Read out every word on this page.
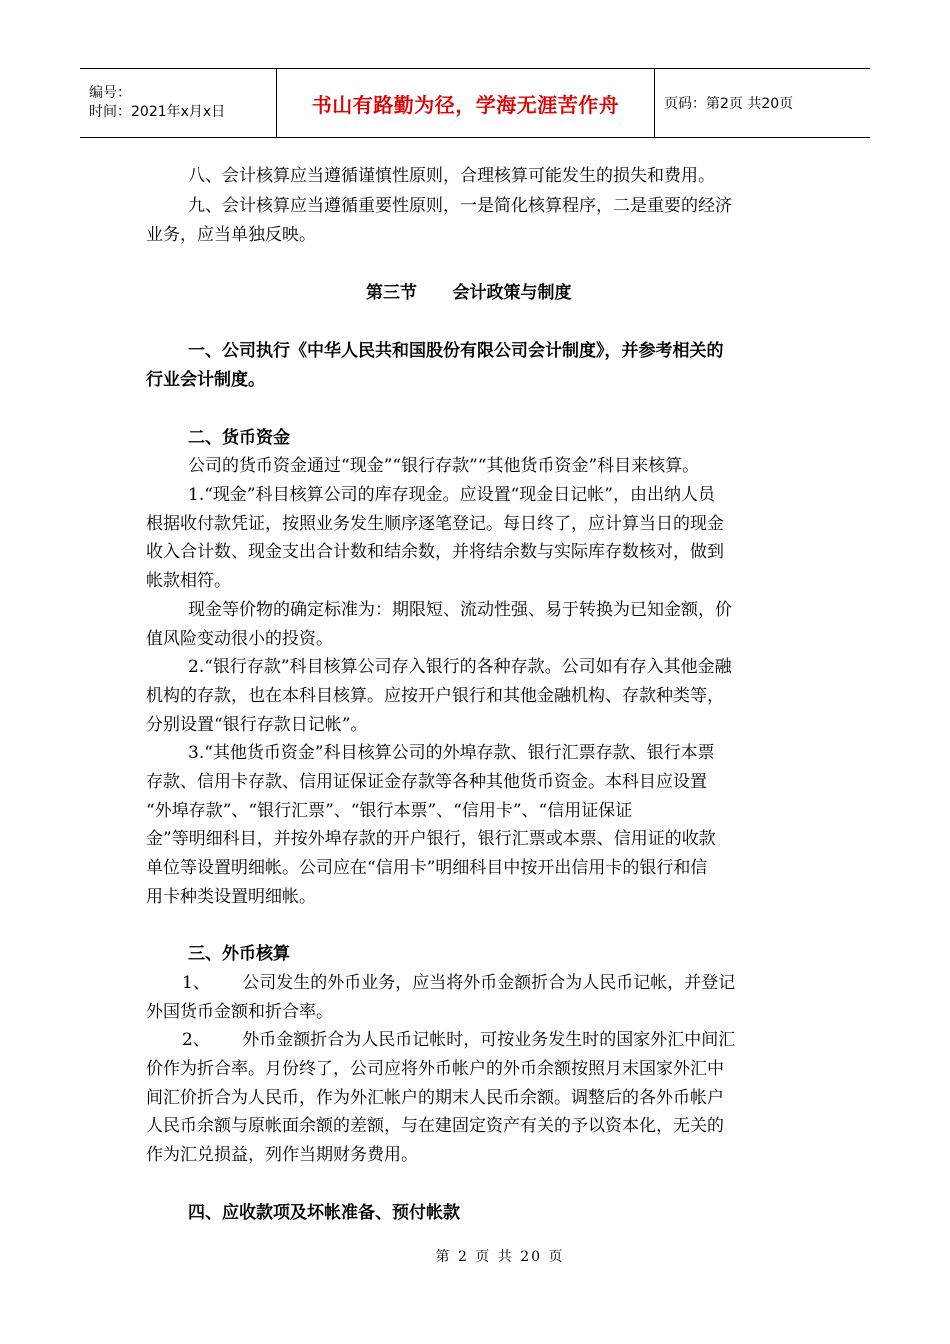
编号：
时间：2021年x月x日	书山有路勤为径，学海无涯苦作舟	页码：第2页 共20页
八、会计核算应当遵循谨慎性原则，合理核算可能发生的损失和费用。
九、会计核算应当遵循重要性原则，一是简化核算程序，二是重要的经济
业务，应当单独反映。
第三节      会计政策与制度
一、公司执行《中华人民共和国股份有限公司会计制度》，并参考相关的
行业会计制度。
二、货币资金
公司的货币资金通过“现金”“银行存款”“其他货币资金”科目来核算。
1.“现金”科目核算公司的库存现金。应设置“现金日记帐”，由出纳人员
根据收付款凭证，按照业务发生顺序逐笔登记。每日终了，应计算当日的现金
收入合计数、现金支出合计数和结余数，并将结余数与实际库存数核对，做到
帐款相符。
现金等价物的确定标准为：期限短、流动性强、易于转换为已知金额，价
值风险变动很小的投资。
2.“银行存款”科目核算公司存入银行的各种存款。公司如有存入其他金融
机构的存款，也在本科目核算。应按开户银行和其他金融机构、存款种类等，
分别设置“银行存款日记帐”。
3.“其他货币资金”科目核算公司的外埠存款、银行汇票存款、银行本票
存款、信用卡存款、信用证保证金存款等各种其他货币资金。本科目应设置
“外埠存款”、“银行汇票”、“银行本票”、“信用卡”、“信用证保证
金”等明细科目，并按外埠存款的开户银行，银行汇票或本票、信用证的收款
单位等设置明细帐。公司应在“信用卡”明细科目中按开出信用卡的银行和信
用卡种类设置明细帐。
三、外币核算
1、      公司发生的外币业务，应当将外币金额折合为人民币记帐，并登记
外国货币金额和折合率。
2、      外币金额折合为人民币记帐时，可按业务发生时的国家外汇中间汇
价作为折合率。月份终了，公司应将外币帐户的外币余额按照月末国家外汇中
间汇价折合为人民币，作为外汇帐户的期末人民币余额。调整后的各外币帐户
人民币余额与原帐面余额的差额，与在建固定资产有关的予以资本化，无关的
作为汇兑损益，列作当期财务费用。
四、应收款项及坏帐准备、预付帐款
第 2 页 共 20 页
